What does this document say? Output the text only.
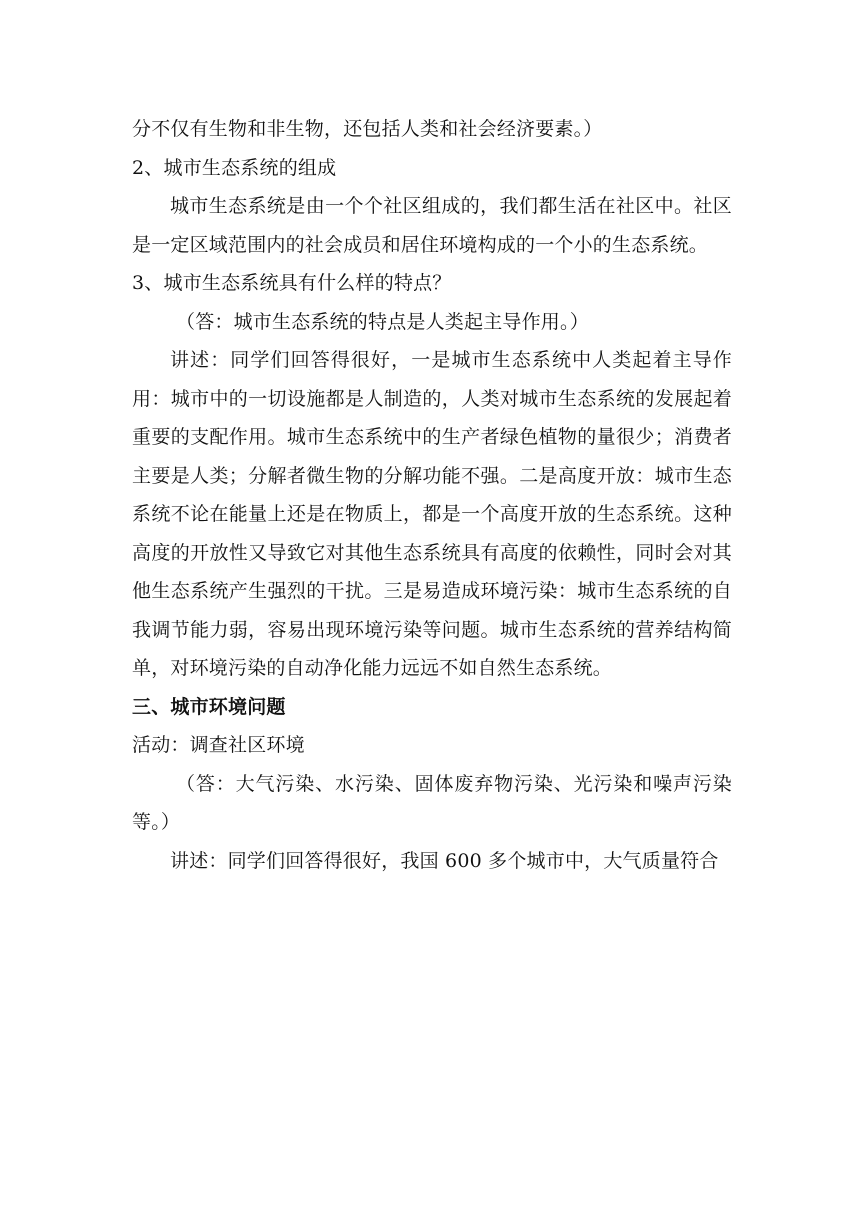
分不仅有生物和非生物，还包括人类和社会经济要素。）

2、城市生态系统的组成

城市生态系统是由一个个社区组成的，我们都生活在社区中。社区是一定区域范围内的社会成员和居住环境构成的一个小的生态系统。

3、城市生态系统具有什么样的特点？

（答：城市生态系统的特点是人类起主导作用。）

讲述：同学们回答得很好，一是城市生态系统中人类起着主导作用：城市中的一切设施都是人制造的，人类对城市生态系统的发展起着重要的支配作用。城市生态系统中的生产者绿色植物的量很少；消费者主要是人类；分解者微生物的分解功能不强。二是高度开放：城市生态系统不论在能量上还是在物质上，都是一个高度开放的生态系统。这种高度的开放性又导致它对其他生态系统具有高度的依赖性，同时会对其他生态系统产生强烈的干扰。三是易造成环境污染：城市生态系统的自我调节能力弱，容易出现环境污染等问题。城市生态系统的营养结构简单，对环境污染的自动净化能力远远不如自然生态系统。

三、城市环境问题

活动：调查社区环境

（答：大气污染、水污染、固体废弃物污染、光污染和噪声污染等。）

讲述：同学们回答得很好，我国 600 多个城市中，大气质量符合
